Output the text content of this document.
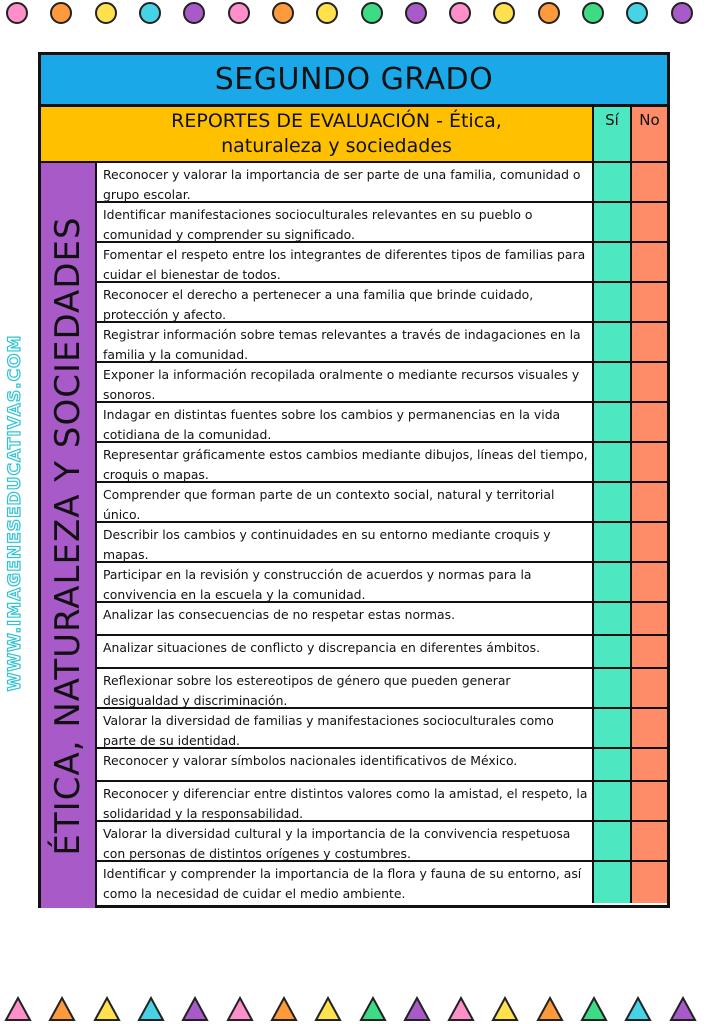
WWW.IMAGENESEDUCATIVAS.COM
SEGUNDO GRADO
REPORTES DE EVALUACIÓN - Ética,
naturaleza y sociedades
Sí	No
ÉTICA, NATURALEZA Y SOCIEDADES
Reconocer y valorar la importancia de ser parte de una familia, comunidad o grupo escolar.
Identificar manifestaciones socioculturales relevantes en su pueblo o comunidad y comprender su significado.
Fomentar el respeto entre los integrantes de diferentes tipos de familias para cuidar el bienestar de todos.
Reconocer el derecho a pertenecer a una familia que brinde cuidado, protección y afecto.
Registrar información sobre temas relevantes a través de indagaciones en la familia y la comunidad.
Exponer la información recopilada oralmente o mediante recursos visuales y sonoros.
Indagar en distintas fuentes sobre los cambios y permanencias en la vida cotidiana de la comunidad.
Representar gráficamente estos cambios mediante dibujos, líneas del tiempo, croquis o mapas.
Comprender que forman parte de un contexto social, natural y territorial único.
Describir los cambios y continuidades en su entorno mediante croquis y mapas.
Participar en la revisión y construcción de acuerdos y normas para la convivencia en la escuela y la comunidad.
Analizar las consecuencias de no respetar estas normas.
Analizar situaciones de conflicto y discrepancia en diferentes ámbitos.
Reflexionar sobre los estereotipos de género que pueden generar desigualdad y discriminación.
Valorar la diversidad de familias y manifestaciones socioculturales como parte de su identidad.
Reconocer y valorar símbolos nacionales identificativos de México.
Reconocer y diferenciar entre distintos valores como la amistad, el respeto, la solidaridad y la responsabilidad.
Valorar la diversidad cultural y la importancia de la convivencia respetuosa con personas de distintos orígenes y costumbres.
Identificar y comprender la importancia de la flora y fauna de su entorno, así como la necesidad de cuidar el medio ambiente.
